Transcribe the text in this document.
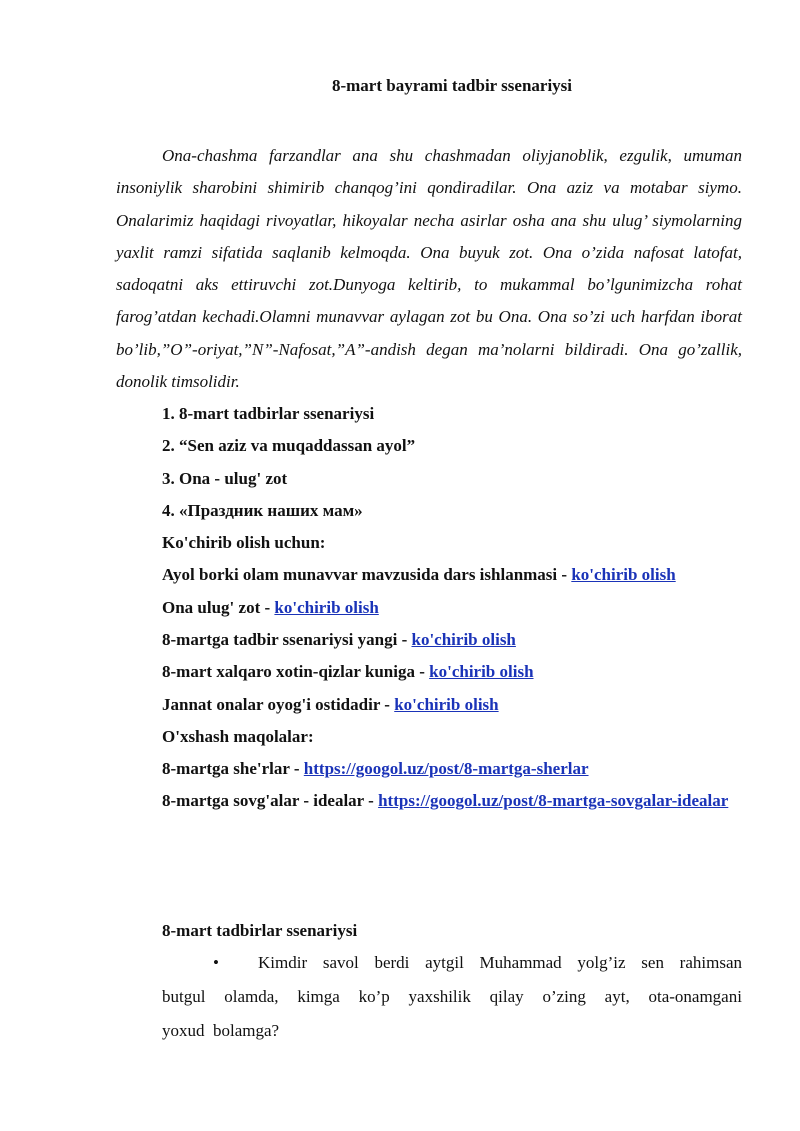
8-mart bayrami tadbir ssenariysi

Ona-chashma farzandlar ana shu chashmadan oliyjanoblik, ezgulik, umuman insoniylik sharobini shimirib chanqog’ini qondiradilar. Ona aziz va motabar siymo. Onalarimiz haqidagi rivoyatlar, hikoyalar necha asirlar osha ana shu ulug’ siymolarning yaxlit ramzi sifatida saqlanib kelmoqda. Ona buyuk zot. Ona o’zida nafosat latofat, sadoqatni aks ettiruvchi zot.Dunyoga keltirib, to mukammal bo’lgunimizcha rohat farog’atdan kechadi.Olamni munavvar aylagan zot bu Ona. Ona so’zi uch harfdan iborat bo’lib,”O”-oriyat,”N”-Nafosat,”A”-andish degan ma’nolarni bildiradi. Ona go’zallik, donolik timsolidir.

1. 8-mart tadbirlar ssenariysi
2. “Sen aziz va muqaddassan ayol”
3. Ona - ulug' zot
4. «Праздник наших мам»
Ko'chirib olish uchun:
Ayol borki olam munavvar mavzusida dars ishlanmasi - ko'chirib olish
Ona ulug' zot - ko'chirib olish
8-martga tadbir ssenariysi yangi - ko'chirib olish
8-mart xalqaro xotin-qizlar kuniga - ko'chirib olish
Jannat onalar oyog'i ostidadir - ko'chirib olish
O'xshash maqolalar:
8-martga she'rlar - https://googol.uz/post/8-martga-sherlar
8-martga sovg'alar - idealar - https://googol.uz/post/8-martga-sovgalar-idealar
8-mart tadbirlar ssenariysi
• Kimdir savol berdi aytgil Muhammad yolg’iz sen rahimsan
butgul olamda, kimga ko’p yaxshilik qilay o’zing ayt, ota-onamgani
yoxud  bolamga?
